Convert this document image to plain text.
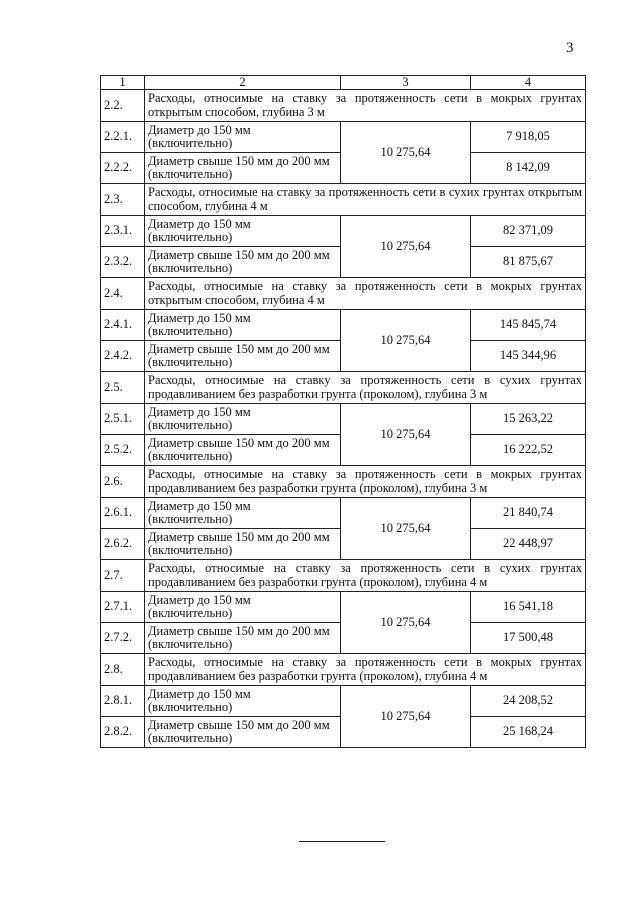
3
1	2	3	4
2.2.	Расходы, относимые на ставку за протяженность сети в мокрых грунтах открытым способом, глубина 3 м		
2.2.1.	Диаметр до 150 мм (включительно)	10 275,64	7 918,05
2.2.2.	Диаметр свыше 150 мм до 200 мм (включительно)		8 142,09
2.3.	Расходы, относимые на ставку за протяженность сети в сухих грунтах открытым способом, глубина 4 м		
2.3.1.	Диаметр до 150 мм (включительно)	10 275,64	82 371,09
2.3.2.	Диаметр свыше 150 мм до 200 мм (включительно)		81 875,67
2.4.	Расходы, относимые на ставку за протяженность сети в мокрых грунтах открытым способом, глубина 4 м		
2.4.1.	Диаметр до 150 мм (включительно)	10 275,64	145 845,74
2.4.2.	Диаметр свыше 150 мм до 200 мм (включительно)		145 344,96
2.5.	Расходы, относимые на ставку за протяженность сети в сухих грунтах продавливанием без разработки грунта (проколом), глубина 3 м		
2.5.1.	Диаметр до 150 мм (включительно)	10 275,64	15 263,22
2.5.2.	Диаметр свыше 150 мм до 200 мм (включительно)		16 222,52
2.6.	Расходы, относимые на ставку за протяженность сети в мокрых грунтах продавливанием без разработки грунта (проколом), глубина 3 м		
2.6.1.	Диаметр до 150 мм (включительно)	10 275,64	21 840,74
2.6.2.	Диаметр свыше 150 мм до 200 мм (включительно)		22 448,97
2.7.	Расходы, относимые на ставку за протяженность сети в сухих грунтах продавливанием без разработки грунта (проколом), глубина 4 м		
2.7.1.	Диаметр до 150 мм (включительно)	10 275,64	16 541,18
2.7.2.	Диаметр свыше 150 мм до 200 мм (включительно)		17 500,48
2.8.	Расходы, относимые на ставку за протяженность сети в мокрых грунтах продавливанием без разработки грунта (проколом), глубина 4 м		
2.8.1.	Диаметр до 150 мм (включительно)	10 275,64	24 208,52
2.8.2.	Диаметр свыше 150 мм до 200 мм (включительно)		25 168,24
